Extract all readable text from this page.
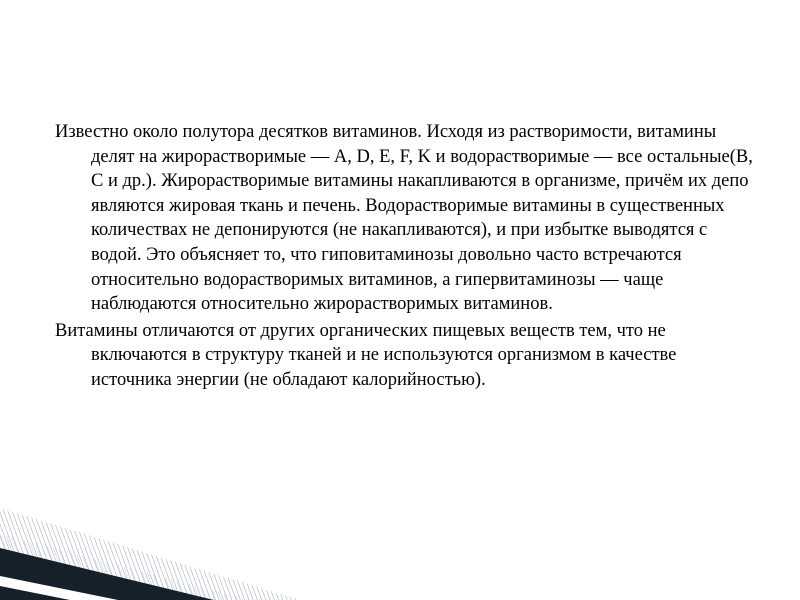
Известно около полутора десятков витаминов. Исходя из растворимости, витамины делят на жирорастворимые — A, D, E, F, K и водорастворимые — все остальные(B, C и др.). Жирорастворимые витамины накапливаются в организме, причём их депо являются жировая ткань и печень. Водорастворимые витамины в существенных количествах не депонируются (не накапливаются), и при избытке выводятся с водой. Это объясняет то, что гиповитаминозы довольно часто встречаются относительно водорастворимых витаминов, а гипервитаминозы — чаще наблюдаются относительно жирорастворимых витаминов.

Витамины отличаются от других органических пищевых веществ тем, что не включаются в структуру тканей и не используются организмом в качестве источника энергии (не обладают калорийностью).
